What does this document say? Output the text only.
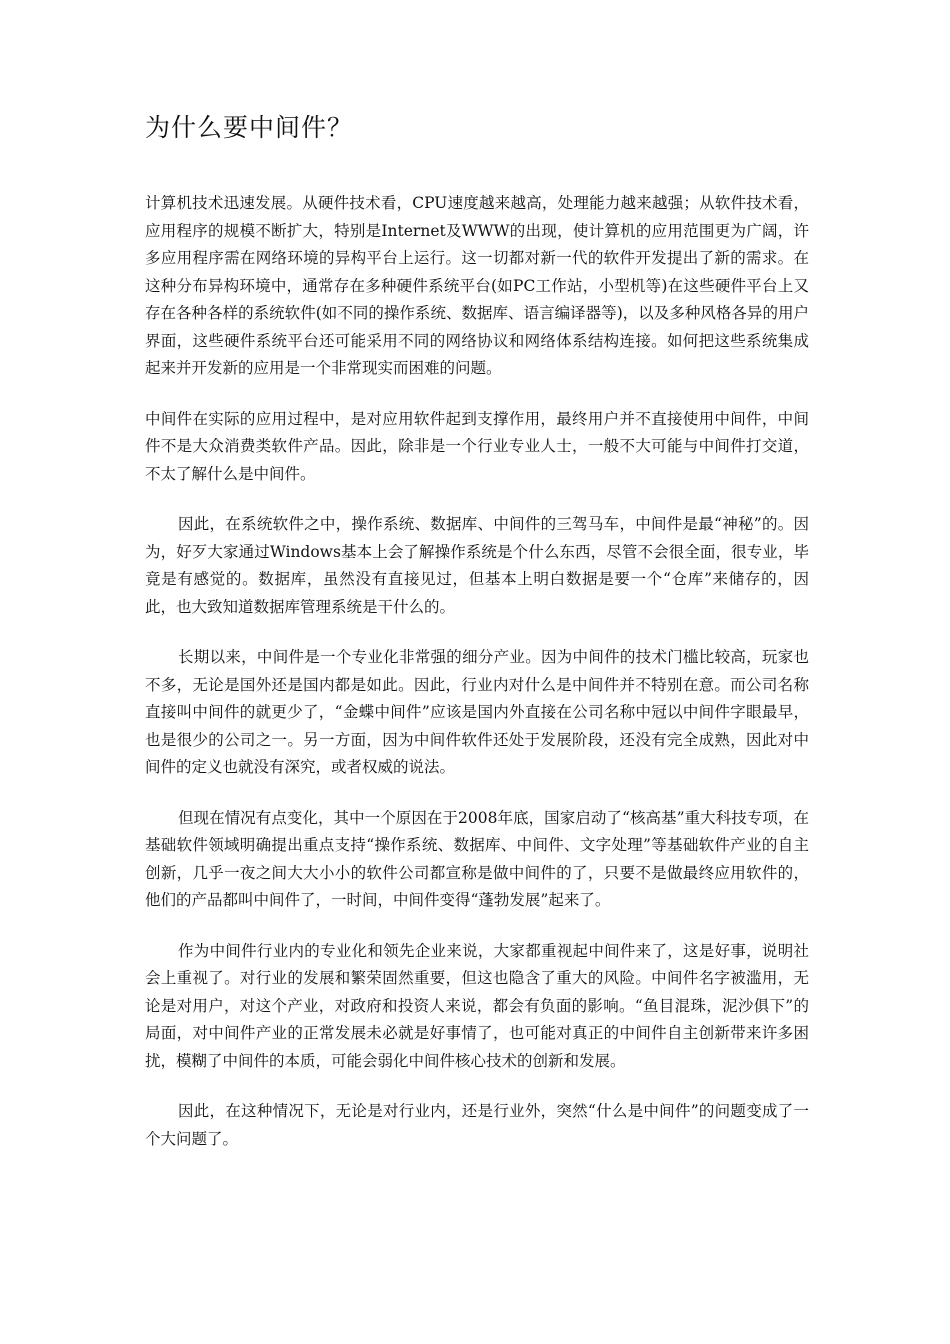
为什么要中间件？

计算机技术迅速发展。从硬件技术看，CPU速度越来越高，处理能力越来越强；从软件技术看，应用程序的规模不断扩大，特别是Internet及WWW的出现，使计算机的应用范围更为广阔，许多应用程序需在网络环境的异构平台上运行。这一切都对新一代的软件开发提出了新的需求。在这种分布异构环境中，通常存在多种硬件系统平台(如PC工作站，小型机等)在这些硬件平台上又存在各种各样的系统软件(如不同的操作系统、数据库、语言编译器等)，以及多种风格各异的用户界面，这些硬件系统平台还可能采用不同的网络协议和网络体系结构连接。如何把这些系统集成起来并开发新的应用是一个非常现实而困难的问题。

中间件在实际的应用过程中，是对应用软件起到支撑作用，最终用户并不直接使用中间件，中间件不是大众消费类软件产品。因此，除非是一个行业专业人士，一般不大可能与中间件打交道，不太了解什么是中间件。

因此，在系统软件之中，操作系统、数据库、中间件的三驾马车，中间件是最“神秘”的。因为，好歹大家通过Windows基本上会了解操作系统是个什么东西，尽管不会很全面，很专业，毕竟是有感觉的。数据库，虽然没有直接见过，但基本上明白数据是要一个“仓库”来储存的，因此，也大致知道数据库管理系统是干什么的。

长期以来，中间件是一个专业化非常强的细分产业。因为中间件的技术门槛比较高，玩家也不多，无论是国外还是国内都是如此。因此，行业内对什么是中间件并不特别在意。而公司名称直接叫中间件的就更少了，“金蝶中间件”应该是国内外直接在公司名称中冠以中间件字眼最早，也是很少的公司之一。另一方面，因为中间件软件还处于发展阶段，还没有完全成熟，因此对中间件的定义也就没有深究，或者权威的说法。

但现在情况有点变化，其中一个原因在于2008年底，国家启动了“核高基”重大科技专项，在基础软件领域明确提出重点支持“操作系统、数据库、中间件、文字处理”等基础软件产业的自主创新，几乎一夜之间大大小小的软件公司都宣称是做中间件的了，只要不是做最终应用软件的，他们的产品都叫中间件了，一时间，中间件变得“蓬勃发展”起来了。

作为中间件行业内的专业化和领先企业来说，大家都重视起中间件来了，这是好事，说明社会上重视了。对行业的发展和繁荣固然重要，但这也隐含了重大的风险。中间件名字被滥用，无论是对用户，对这个产业，对政府和投资人来说，都会有负面的影响。“鱼目混珠，泥沙俱下”的局面，对中间件产业的正常发展未必就是好事情了，也可能对真正的中间件自主创新带来许多困扰，模糊了中间件的本质，可能会弱化中间件核心技术的创新和发展。

因此，在这种情况下，无论是对行业内，还是行业外，突然“什么是中间件”的问题变成了一个大问题了。
